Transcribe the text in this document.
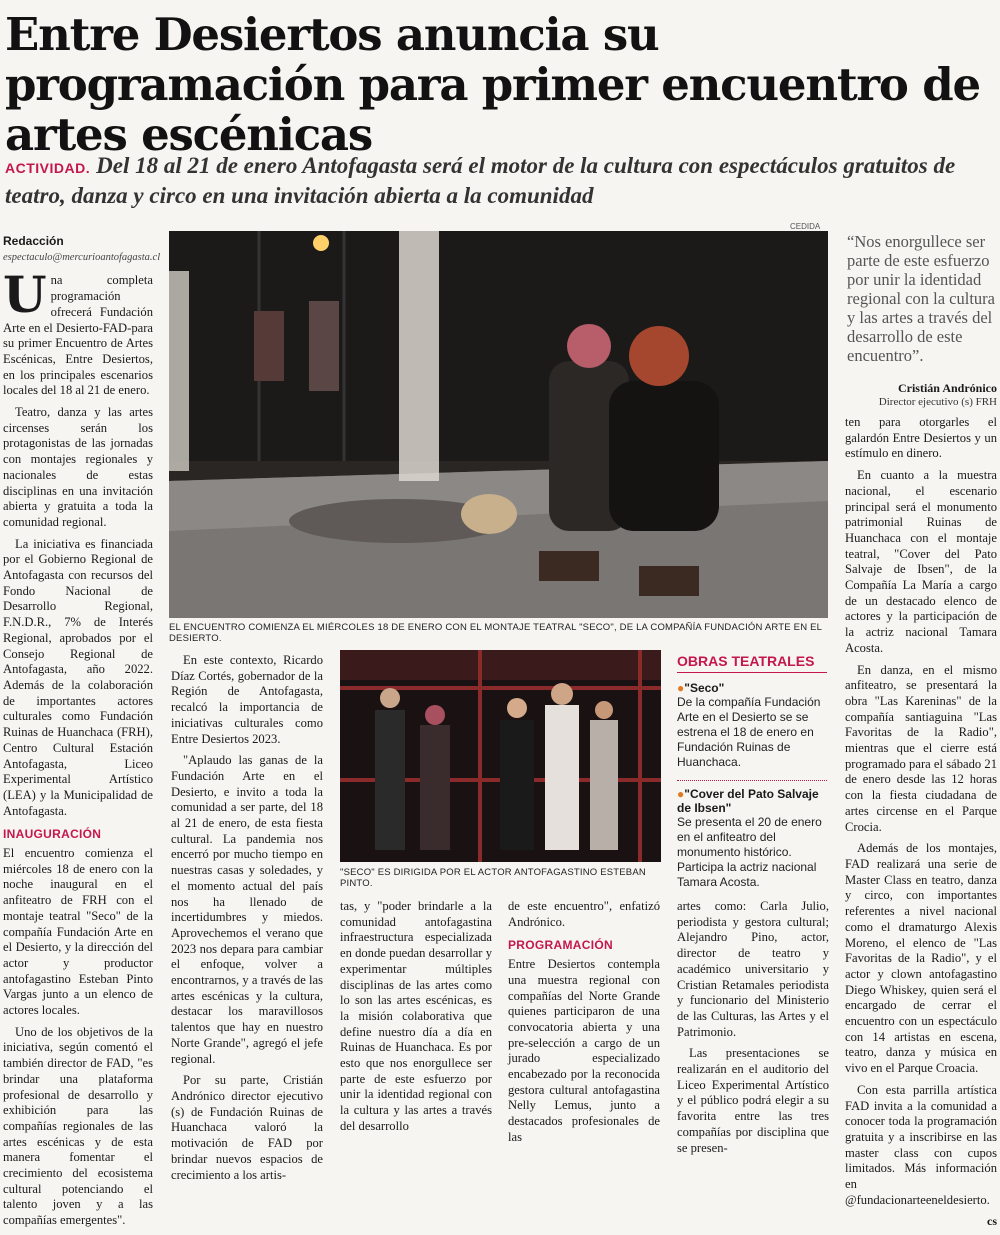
Entre Desiertos anuncia su programación para primer encuentro de artes escénicas
ACTIVIDAD. Del 18 al 21 de enero Antofagasta será el motor de la cultura con espectáculos gratuitos de teatro, danza y circo en una invitación abierta a la comunidad
Redacción
espectaculo@mercurioantofagasta.cl

Una completa programación ofrecerá Fundación Arte en el Desierto-FAD-para su primer Encuentro de Artes Escénicas, Entre Desiertos, en los principales escenarios locales del 18 al 21 de enero.

Teatro, danza y las artes circenses serán los protagonistas de las jornadas con montajes regionales y nacionales de estas disciplinas en una invitación abierta y gratuita a toda la comunidad regional.

La iniciativa es financiada por el Gobierno Regional de Antofagasta con recursos del Fondo Nacional de Desarrollo Regional, F.N.D.R., 7% de Interés Regional, aprobados por el Consejo Regional de Antofagasta, año 2022. Además de la colaboración de importantes actores culturales como Fundación Ruinas de Huanchaca (FRH), Centro Cultural Estación Antofagasta, Liceo Experimental Artístico (LEA) y la Municipalidad de Antofagasta.

INAUGURACIÓN

El encuentro comienza el miércoles 18 de enero con la noche inaugural en el anfiteatro de FRH con el montaje teatral "Seco" de la compañía Fundación Arte en el Desierto, y la dirección del actor y productor antofagastino Esteban Pinto Vargas junto a un elenco de actores locales.

Uno de los objetivos de la iniciativa, según comentó el también director de FAD, "es brindar una plataforma profesional de desarrollo y exhibición para las compañías regionales de las artes escénicas y de esta manera fomentar el crecimiento del ecosistema cultural potenciando el talento joven y a las compañías emergentes".

CEDIDA
EL ENCUENTRO COMIENZA EL MIÉRCOLES 18 DE ENERO CON EL MONTAJE TEATRAL "SECO", DE LA COMPAÑÍA FUNDACIÓN ARTE EN EL DESIERTO.
“Nos enorgullece ser parte de este esfuerzo por unir la identidad regional con la cultura y las artes a través del desarrollo de este encuentro”.
Cristián Andrónico
Director ejecutivo (s) FRH

ten para otorgarles el galardón Entre Desiertos y un estímulo en dinero.

En cuanto a la muestra nacional, el escenario principal será el monumento patrimonial Ruinas de Huanchaca con el montaje teatral, "Cover del Pato Salvaje de Ibsen", de la Compañía La María a cargo de un destacado elenco de actores y la participación de la actriz nacional Tamara Acosta.

En danza, en el mismo anfiteatro, se presentará la obra "Las Kareninas" de la compañía santiaguina "Las Favoritas de la Radio", mientras que el cierre está programado para el sábado 21 de enero desde las 12 horas con la fiesta ciudadana de artes circense en el Parque Crocia.

Además de los montajes, FAD realizará una serie de Master Class en teatro, danza y circo, con importantes referentes a nivel nacional como el dramaturgo Alexis Moreno, el elenco de "Las Favoritas de la Radio", y el actor y clown antofagastino Diego Whiskey, quien será el encargado de cerrar el encuentro con un espectáculo con 14 artistas en escena, teatro, danza y música en vivo en el Parque Croacia.

Con esta parrilla artística FAD invita a la comunidad a conocer toda la programación gratuita y a inscribirse en las master class con cupos limitados. Más información en @fundacionarteeneldesierto.

cs

En este contexto, Ricardo Díaz Cortés, gobernador de la Región de Antofagasta, recalcó la importancia de iniciativas culturales como Entre Desiertos 2023.

"Aplaudo las ganas de la Fundación Arte en el Desierto, e invito a toda la comunidad a ser parte, del 18 al 21 de enero, de esta fiesta cultural. La pandemia nos encerró por mucho tiempo en nuestras casas y soledades, y el momento actual del país nos ha llenado de incertidumbres y miedos. Aprovechemos el verano que 2023 nos depara para cambiar el enfoque, volver a encontrarnos, y a través de las artes escénicas y la cultura, destacar los maravillosos talentos que hay en nuestro Norte Grande", agregó el jefe regional.

Por su parte, Cristián Andrónico director ejecutivo (s) de Fundación Ruinas de Huanchaca valoró la motivación de FAD por brindar nuevos espacios de crecimiento a los artis-

"SECO" ES DIRIGIDA POR EL ACTOR ANTOFAGASTINO ESTEBAN PINTO.
OBRAS TEATRALES
●"Seco"
De la compañía Fundación Arte en el Desierto se se estrena el 18 de enero en Fundación Ruinas de Huanchaca.
●"Cover del Pato Salvaje de Ibsen"
Se presenta el 20 de enero en el anfiteatro del monumento histórico. Participa la actriz nacional Tamara Acosta.

tas, y "poder brindarle a la comunidad antofagastina infraestructura especializada en donde puedan desarrollar y experimentar múltiples disciplinas de las artes como lo son las artes escénicas, es la misión colaborativa que define nuestro día a día en Ruinas de Huanchaca. Es por esto que nos enorgullece ser parte de este esfuerzo por unir la identidad regional con la cultura y las artes a través del desarrollo

de este encuentro", enfatizó Andrónico.

PROGRAMACIÓN

Entre Desiertos contempla una muestra regional con compañías del Norte Grande quienes participaron de una convocatoria abierta y una pre-selección a cargo de un jurado especializado encabezado por la reconocida gestora cultural antofagastina Nelly Lemus, junto a destacados profesionales de las

artes como: Carla Julio, periodista y gestora cultural; Alejandro Pino, actor, director de teatro y académico universitario y Cristian Retamales periodista y funcionario del Ministerio de las Culturas, las Artes y el Patrimonio.

Las presentaciones se realizarán en el auditorio del Liceo Experimental Artístico y el público podrá elegir a su favorita entre las tres compañías por disciplina que se presen-
